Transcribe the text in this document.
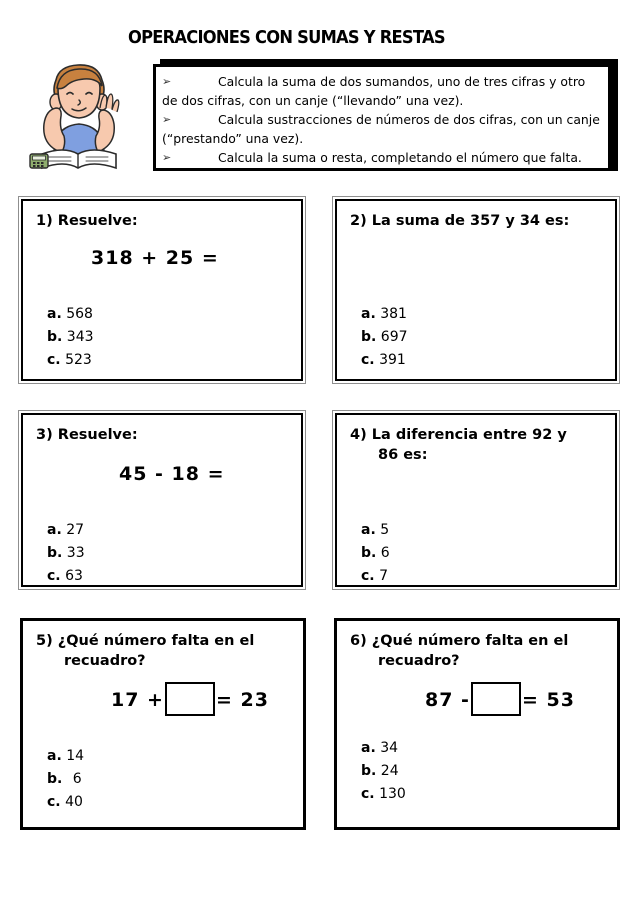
OPERACIONES CON SUMAS Y RESTAS
➢	Calcula la suma de dos sumandos, uno de tres cifras y otro de dos cifras, con un canje (“llevando” una vez).
➢	Calcula sustracciones de números de dos cifras, con un canje (“prestando” una vez).
➢	Calcula la suma o resta, completando el número que falta.
1) Resuelve:
318 + 25 =
a. 568
b. 343
c. 523
2) La suma de 357 y 34 es:
a. 381
b. 697
c. 391
3) Resuelve:
45 - 18 =
a. 27
b. 33
c. 63
4) La diferencia entre 92 y
86 es:
a. 5
b. 6
c. 7
5) ¿Qué número falta en el
recuadro?
17 +	= 23
a. 14
b. 6
c. 40
6) ¿Qué número falta en el
recuadro?
87 -	= 53
a. 34
b. 24
c. 130
